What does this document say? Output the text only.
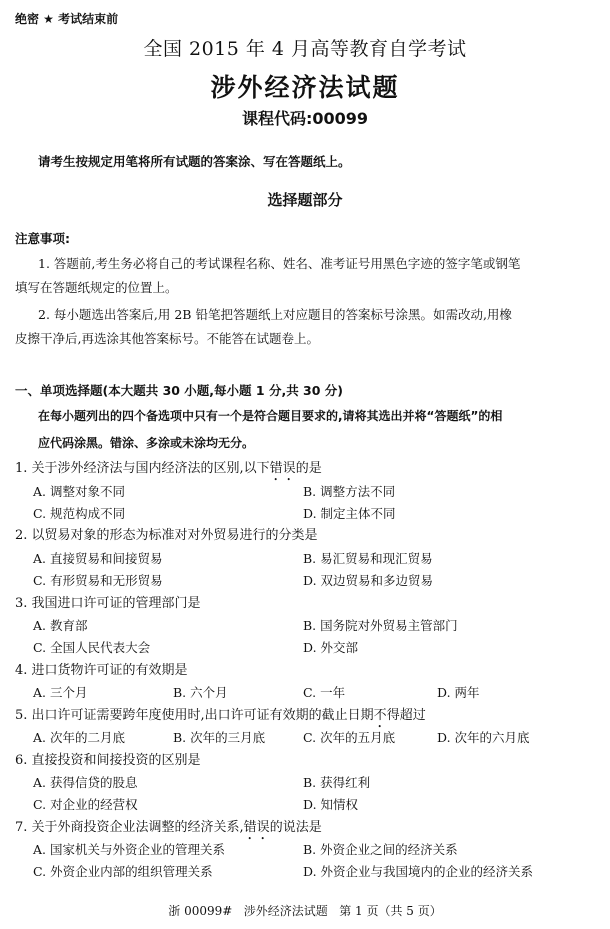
绝密 ★ 考试结束前
全国 2015 年 4 月高等教育自学考试
涉外经济法试题
课程代码:00099
请考生按规定用笔将所有试题的答案涂、写在答题纸上。
选择题部分
注意事项:
1. 答题前,考生务必将自己的考试课程名称、姓名、准考证号用黑色字迹的签字笔或钢笔
填写在答题纸规定的位置上。
2. 每小题选出答案后,用 2B 铅笔把答题纸上对应题目的答案标号涂黑。如需改动,用橡
皮擦干净后,再选涂其他答案标号。不能答在试题卷上。
一、单项选择题(本大题共 30 小题,每小题 1 分,共 30 分)
在每小题列出的四个备选项中只有一个是符合题目要求的,请将其选出并将“答题纸”的相
应代码涂黑。错涂、多涂或未涂均无分。
1. 关于涉外经济法与国内经济法的区别,以下错误的是
A. 调整对象不同	B. 调整方法不同
C. 规范构成不同	D. 制定主体不同
2. 以贸易对象的形态为标准对对外贸易进行的分类是
A. 直接贸易和间接贸易	B. 易汇贸易和现汇贸易
C. 有形贸易和无形贸易	D. 双边贸易和多边贸易
3. 我国进口许可证的管理部门是
A. 教育部	B. 国务院对外贸易主管部门
C. 全国人民代表大会	D. 外交部
4. 进口货物许可证的有效期是
A. 三个月	B. 六个月	C. 一年	D. 两年
5. 出口许可证需要跨年度使用时,出口许可证有效期的截止日期不得超过
A. 次年的二月底	B. 次年的三月底	C. 次年的五月底	D. 次年的六月底
6. 直接投资和间接投资的区别是
A. 获得信贷的股息	B. 获得红利
C. 对企业的经营权	D. 知情权
7. 关于外商投资企业法调整的经济关系,错误的说法是
A. 国家机关与外资企业的管理关系	B. 外资企业之间的经济关系
C. 外资企业内部的组织管理关系	D. 外资企业与我国境内的企业的经济关系
浙 00099#   涉外经济法试题   第 1 页（共 5 页）
